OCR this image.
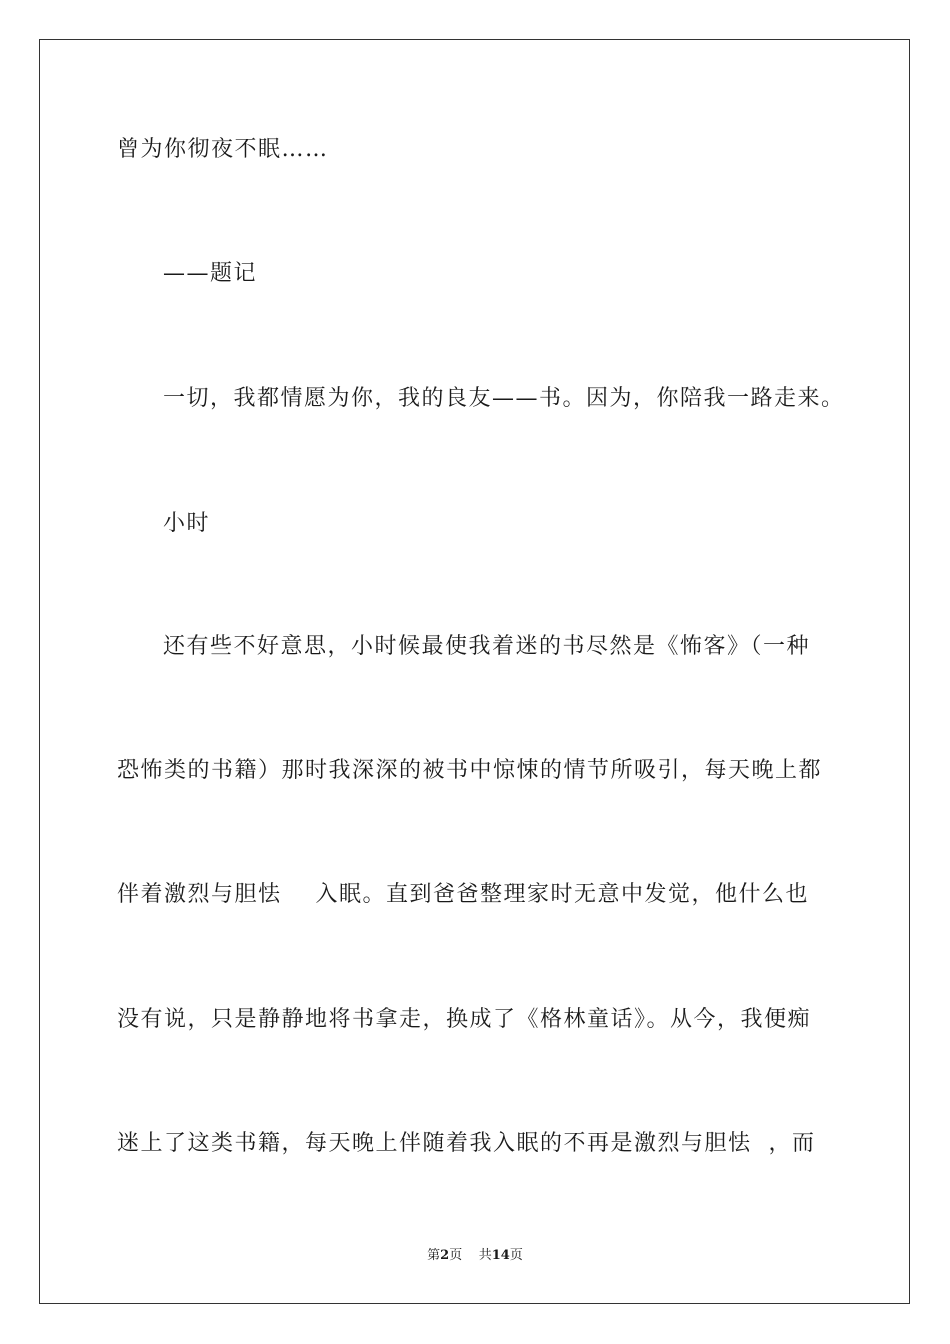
曾为你彻夜不眠……
——题记
一切，我都情愿为你，我的良友——书。因为，你陪我一路走来。
小时
还有些不好意思，小时候最使我着迷的书尽然是《怖客》（一种
恐怖类的书籍）那时我深深的被书中惊悚的情节所吸引，每天晚上都
伴着激烈与胆怯    入眠。直到爸爸整理家时无意中发觉，他什么也
没有说，只是静静地将书拿走，换成了《格林童话》。从今，我便痴
迷上了这类书籍，每天晚上伴随着我入眠的不再是激烈与胆怯  ，而
第2页 共14页
